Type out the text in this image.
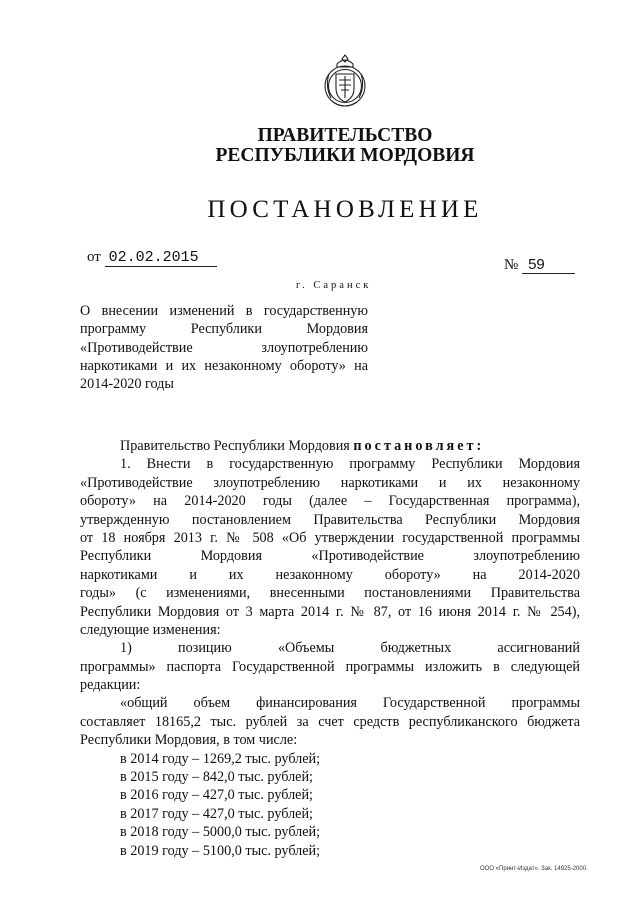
ПРАВИТЕЛЬСТВО
РЕСПУБЛИКИ МОРДОВИЯ
ПОСТАНОВЛЕНИЕ
от 02.02.2015	№ 59
г. Саранск
О внесении изменений в государственную
программу Республики Мордовия
«Противодействие злоупотреблению
наркотиками и их незаконному обороту» на
2014-2020 годы
Правительство Республики Мордовия постановляет:
1. Внести в государственную программу Республики Мордовия
«Противодействие злоупотреблению наркотиками и их незаконному
обороту» на 2014-2020 годы (далее – Государственная программа),
утвержденную постановлением Правительства Республики Мордовия
от 18 ноября 2013 г. № 508 «Об утверждении государственной программы
Республики Мордовия «Противодействие злоупотреблению
наркотиками и их незаконному обороту» на 2014-2020
годы» (с изменениями, внесенными постановлениями Правительства
Республики Мордовия от 3 марта 2014 г. № 87, от 16 июня 2014 г. № 254),
следующие изменения:
1) позицию «Объемы бюджетных ассигнований
программы» паспорта Государственной программы изложить в следующей
редакции:
«общий объем финансирования Государственной программы
составляет 18165,2 тыс. рублей за счет средств республиканского бюджета
Республики Мордовия, в том числе:
в 2014 году – 1269,2 тыс. рублей;
в 2015 году – 842,0 тыс. рублей;
в 2016 году – 427,0 тыс. рублей;
в 2017 году – 427,0 тыс. рублей;
в 2018 году – 5000,0 тыс. рублей;
в 2019 году – 5100,0 тыс. рублей;
ООО «Принт-Издат». Зак. 14925-2000.
